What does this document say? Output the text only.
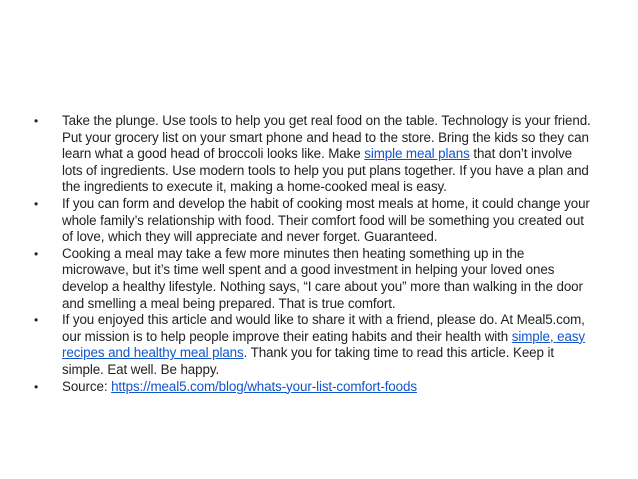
•	Take the plunge. Use tools to help you get real food on the table. Technology is your friend. Put your grocery list on your smart phone and head to the store. Bring the kids so they can learn what a good head of broccoli looks like. Make simple meal plans that don’t involve lots of ingredients. Use modern tools to help you put plans together. If you have a plan and the ingredients to execute it, making a home-cooked meal is easy.
•	If you can form and develop the habit of cooking most meals at home, it could change your whole family’s relationship with food. Their comfort food will be something you created out of love, which they will appreciate and never forget. Guaranteed.
•	Cooking a meal may take a few more minutes then heating something up in the microwave, but it’s time well spent and a good investment in helping your loved ones develop a healthy lifestyle. Nothing says, “I care about you” more than walking in the door and smelling a meal being prepared. That is true comfort.
•	If you enjoyed this article and would like to share it with a friend, please do. At Meal5.com, our mission is to help people improve their eating habits and their health with simple, easy recipes and healthy meal plans. Thank you for taking time to read this article. Keep it simple. Eat well. Be happy.
•	Source: https://meal5.com/blog/whats-your-list-comfort-foods
